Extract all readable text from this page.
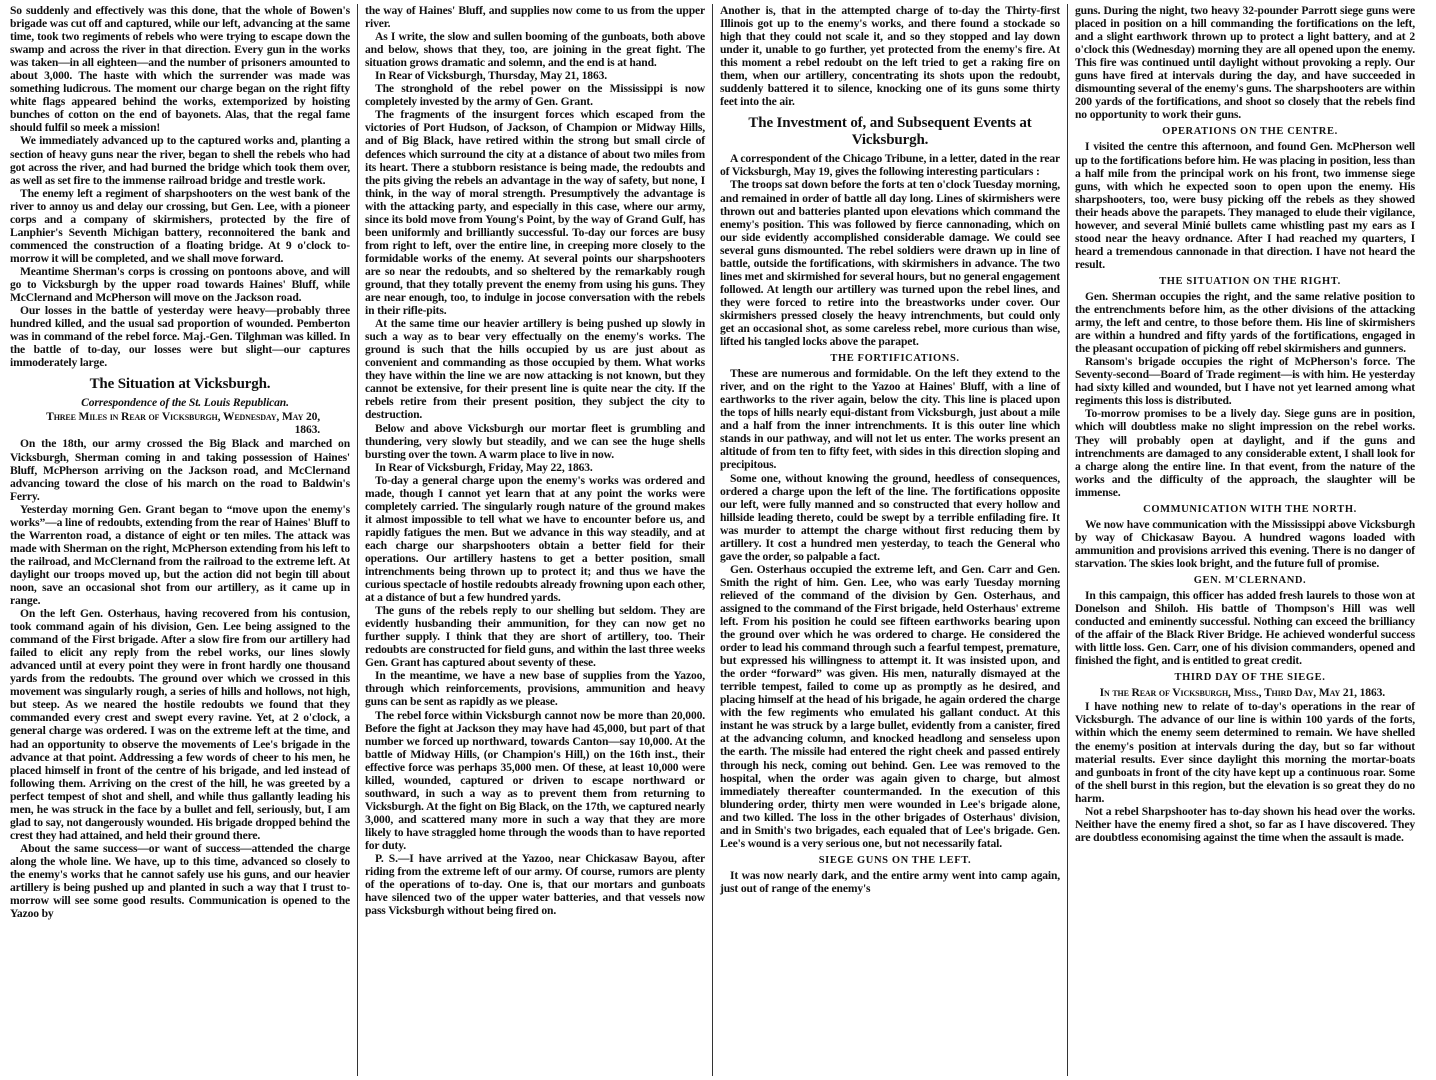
So suddenly and effectively was this done, that the whole of Bowen's brigade was cut off and captured, while our left, advancing at the same time, took two regiments of rebels who were trying to escape down the swamp and across the river in that direction. Every gun in the works was taken—in all eighteen—and the number of prisoners amounted to about 3,000. The haste with which the surrender was made was something ludicrous. The moment our charge began on the right fifty white flags appeared behind the works, extemporized by hoisting bunches of cotton on the end of bayonets. Alas, that the regal fame should fulfil so meek a mission!

We immediately advanced up to the captured works and, planting a section of heavy guns near the river, began to shell the rebels who had got across the river, and had burned the bridge which took them over, as well as set fire to the immense railroad bridge and trestle work.

The enemy left a regiment of sharpshooters on the west bank of the river to annoy us and delay our crossing, but Gen. Lee, with a pioneer corps and a company of skirmishers, protected by the fire of Lanphier's Seventh Michigan battery, reconnoitered the bank and commenced the construction of a floating bridge. At 9 o'clock to-morrow it will be completed, and we shall move forward.

Meantime Sherman's corps is crossing on pontoons above, and will go to Vicksburgh by the upper road towards Haines' Bluff, while McClernand and McPherson will move on the Jackson road.

Our losses in the battle of yesterday were heavy—probably three hundred killed, and the usual sad proportion of wounded. Pemberton was in command of the rebel force. Maj.-Gen. Tilghman was killed. In the battle of to-day, our losses were but slight—our captures immoderately large.

The Situation at Vicksburgh.

Correspondence of the St. Louis Republican.

Three Miles in Rear of Vicksburgh, Wednesday, May 20, 1863.

On the 18th, our army crossed the Big Black and marched on Vicksburgh, Sherman coming in and taking possession of Haines' Bluff, McPherson arriving on the Jackson road, and McClernand advancing toward the close of his march on the road to Baldwin's Ferry.

Yesterday morning Gen. Grant began to “move upon the enemy's works”—a line of redoubts, extending from the rear of Haines' Bluff to the Warrenton road, a distance of eight or ten miles. The attack was made with Sherman on the right, McPherson extending from his left to the railroad, and McClernand from the railroad to the extreme left. At daylight our troops moved up, but the action did not begin till about noon, save an occasional shot from our artillery, as it came up in range.

On the left Gen. Osterhaus, having recovered from his contusion, took command again of his division, Gen. Lee being assigned to the command of the First brigade. After a slow fire from our artillery had failed to elicit any reply from the rebel works, our lines slowly advanced until at every point they were in front hardly one thousand yards from the redoubts. The ground over which we crossed in this movement was singularly rough, a series of hills and hollows, not high, but steep. As we neared the hostile redoubts we found that they commanded every crest and swept every ravine. Yet, at 2 o'clock, a general charge was ordered. I was on the extreme left at the time, and had an opportunity to observe the movements of Lee's brigade in the advance at that point. Addressing a few words of cheer to his men, he placed himself in front of the centre of his brigade, and led instead of following them. Arriving on the crest of the hill, he was greeted by a perfect tempest of shot and shell, and while thus gallantly leading his men, he was struck in the face by a bullet and fell, seriously, but, I am glad to say, not dangerously wounded. His brigade dropped behind the crest they had attained, and held their ground there.

About the same success—or want of success—attended the charge along the whole line. We have, up to this time, advanced so closely to the enemy's works that he cannot safely use his guns, and our heavier artillery is being pushed up and planted in such a way that I trust to-morrow will see some good results. Communication is opened to the Yazoo by

the way of Haines' Bluff, and supplies now come to us from the upper river.

As I write, the slow and sullen booming of the gunboats, both above and below, shows that they, too, are joining in the great fight. The situation grows dramatic and solemn, and the end is at hand.

In Rear of Vicksburgh, Thursday, May 21, 1863.

The stronghold of the rebel power on the Mississippi is now completely invested by the army of Gen. Grant.

The fragments of the insurgent forces which escaped from the victories of Port Hudson, of Jackson, of Champion or Midway Hills, and of Big Black, have retired within the strong but small circle of defences which surround the city at a distance of about two miles from its heart. There a stubborn resistance is being made, the redoubts and the pits giving the rebels an advantage in the way of safety, but none, I think, in the way of moral strength. Presumptively the advantage is with the attacking party, and especially in this case, where our army, since its bold move from Young's Point, by the way of Grand Gulf, has been uniformly and brilliantly successful. To-day our forces are busy from right to left, over the entire line, in creeping more closely to the formidable works of the enemy. At several points our sharpshooters are so near the redoubts, and so sheltered by the remarkably rough ground, that they totally prevent the enemy from using his guns. They are near enough, too, to indulge in jocose conversation with the rebels in their rifle-pits.

At the same time our heavier artillery is being pushed up slowly in such a way as to bear very effectually on the enemy's works. The ground is such that the hills occupied by us are just about as convenient and commanding as those occupied by them. What works they have within the line we are now attacking is not known, but they cannot be extensive, for their present line is quite near the city. If the rebels retire from their present position, they subject the city to destruction.

Below and above Vicksburgh our mortar fleet is grumbling and thundering, very slowly but steadily, and we can see the huge shells bursting over the town. A warm place to live in now.

In Rear of Vicksburgh, Friday, May 22, 1863.

To-day a general charge upon the enemy's works was ordered and made, though I cannot yet learn that at any point the works were completely carried. The singularly rough nature of the ground makes it almost impossible to tell what we have to encounter before us, and rapidly fatigues the men. But we advance in this way steadily, and at each charge our sharpshooters obtain a better field for their operations. Our artillery hastens to get a better position, small intrenchments being thrown up to protect it; and thus we have the curious spectacle of hostile redoubts already frowning upon each other, at a distance of but a few hundred yards.

The guns of the rebels reply to our shelling but seldom. They are evidently husbanding their ammunition, for they can now get no further supply. I think that they are short of artillery, too. Their redoubts are constructed for field guns, and within the last three weeks Gen. Grant has captured about seventy of these.

In the meantime, we have a new base of supplies from the Yazoo, through which reinforcements, provisions, ammunition and heavy guns can be sent as rapidly as we please.

The rebel force within Vicksburgh cannot now be more than 20,000. Before the fight at Jackson they may have had 45,000, but part of that number we forced up northward, towards Canton—say 10,000. At the battle of Midway Hills, (or Champion's Hill,) on the 16th inst., their effective force was perhaps 35,000 men. Of these, at least 10,000 were killed, wounded, captured or driven to escape northward or southward, in such a way as to prevent them from returning to Vicksburgh. At the fight on Big Black, on the 17th, we captured nearly 3,000, and scattered many more in such a way that they are more likely to have straggled home through the woods than to have reported for duty.

P. S.—I have arrived at the Yazoo, near Chickasaw Bayou, after riding from the extreme left of our army. Of course, rumors are plenty of the operations of to-day. One is, that our mortars and gunboats have silenced two of the upper water batteries, and that vessels now pass Vicksburgh without being fired on.

Another is, that in the attempted charge of to-day the Thirty-first Illinois got up to the enemy's works, and there found a stockade so high that they could not scale it, and so they stopped and lay down under it, unable to go further, yet protected from the enemy's fire. At this moment a rebel redoubt on the left tried to get a raking fire on them, when our artillery, concentrating its shots upon the redoubt, suddenly battered it to silence, knocking one of its guns some thirty feet into the air.

The Investment of, and Subsequent Events at Vicksburgh.

A correspondent of the Chicago Tribune, in a letter, dated in the rear of Vicksburgh, May 19, gives the following interesting particulars :

The troops sat down before the forts at ten o'clock Tuesday morning, and remained in order of battle all day long. Lines of skirmishers were thrown out and batteries planted upon elevations which command the enemy's position. This was followed by fierce cannonading, which on our side evidently accomplished considerable damage. We could see several guns dismounted. The rebel soldiers were drawn up in line of battle, outside the fortifications, with skirmishers in advance. The two lines met and skirmished for several hours, but no general engagement followed. At length our artillery was turned upon the rebel lines, and they were forced to retire into the breastworks under cover. Our skirmishers pressed closely the heavy intrenchments, but could only get an occasional shot, as some careless rebel, more curious than wise, lifted his tangled locks above the parapet.

THE FORTIFICATIONS.

These are numerous and formidable. On the left they extend to the river, and on the right to the Yazoo at Haines' Bluff, with a line of earthworks to the river again, below the city. This line is placed upon the tops of hills nearly equi-distant from Vicksburgh, just about a mile and a half from the inner intrenchments. It is this outer line which stands in our pathway, and will not let us enter. The works present an altitude of from ten to fifty feet, with sides in this direction sloping and precipitous.

Some one, without knowing the ground, heedless of consequences, ordered a charge upon the left of the line. The fortifications opposite our left, were fully manned and so constructed that every hollow and hillside leading thereto, could be swept by a terrible enfilading fire. It was murder to attempt the charge without first reducing them by artillery. It cost a hundred men yesterday, to teach the General who gave the order, so palpable a fact.

Gen. Osterhaus occupied the extreme left, and Gen. Carr and Gen. Smith the right of him. Gen. Lee, who was early Tuesday morning relieved of the command of the division by Gen. Osterhaus, and assigned to the command of the First brigade, held Osterhaus' extreme left. From his position he could see fifteen earthworks bearing upon the ground over which he was ordered to charge. He considered the order to lead his command through such a fearful tempest, premature, but expressed his willingness to attempt it. It was insisted upon, and the order “forward” was given. His men, naturally dismayed at the terrible tempest, failed to come up as promptly as he desired, and placing himself at the head of his brigade, he again ordered the charge with the few regiments who emulated his gallant conduct. At this instant he was struck by a large bullet, evidently from a canister, fired at the advancing column, and knocked headlong and senseless upon the earth. The missile had entered the right cheek and passed entirely through his neck, coming out behind. Gen. Lee was removed to the hospital, when the order was again given to charge, but almost immediately thereafter countermanded. In the execution of this blundering order, thirty men were wounded in Lee's brigade alone, and two killed. The loss in the other brigades of Osterhaus' division, and in Smith's two brigades, each equaled that of Lee's brigade. Gen. Lee's wound is a very serious one, but not necessarily fatal.

SIEGE GUNS ON THE LEFT.

It was now nearly dark, and the entire army went into camp again, just out of range of the enemy's

guns. During the night, two heavy 32-pounder Parrott siege guns were placed in position on a hill commanding the fortifications on the left, and a slight earthwork thrown up to protect a light battery, and at 2 o'clock this (Wednesday) morning they are all opened upon the enemy. This fire was continued until daylight without provoking a reply. Our guns have fired at intervals during the day, and have succeeded in dismounting several of the enemy's guns. The sharpshooters are within 200 yards of the fortifications, and shoot so closely that the rebels find no opportunity to work their guns.

OPERATIONS ON THE CENTRE.

I visited the centre this afternoon, and found Gen. McPherson well up to the fortifications before him. He was placing in position, less than a half mile from the principal work on his front, two immense siege guns, with which he expected soon to open upon the enemy. His sharpshooters, too, were busy picking off the rebels as they showed their heads above the parapets. They managed to elude their vigilance, however, and several Minié bullets came whistling past my ears as I stood near the heavy ordnance. After I had reached my quarters, I heard a tremendous cannonade in that direction. I have not heard the result.

THE SITUATION ON THE RIGHT.

Gen. Sherman occupies the right, and the same relative position to the entrenchments before him, as the other divisions of the attacking army, the left and centre, to those before them. His line of skirmishers are within a hundred and fifty yards of the fortifications, engaged in the pleasant occupation of picking off rebel skirmishers and gunners.

Ransom's brigade occupies the right of McPherson's force. The Seventy-second—Board of Trade regiment—is with him. He yesterday had sixty killed and wounded, but I have not yet learned among what regiments this loss is distributed.

To-morrow promises to be a lively day. Siege guns are in position, which will doubtless make no slight impression on the rebel works. They will probably open at daylight, and if the guns and intrenchments are damaged to any considerable extent, I shall look for a charge along the entire line. In that event, from the nature of the works and the difficulty of the approach, the slaughter will be immense.

COMMUNICATION WITH THE NORTH.

We now have communication with the Mississippi above Vicksburgh by way of Chickasaw Bayou. A hundred wagons loaded with ammunition and provisions arrived this evening. There is no danger of starvation. The skies look bright, and the future full of promise.

GEN. M'CLERNAND.

In this campaign, this officer has added fresh laurels to those won at Donelson and Shiloh. His battle of Thompson's Hill was well conducted and eminently successful. Nothing can exceed the brilliancy of the affair of the Black River Bridge. He achieved wonderful success with little loss. Gen. Carr, one of his division commanders, opened and finished the fight, and is entitled to great credit.

THIRD DAY OF THE SIEGE.

In the Rear of Vicksburgh, Miss., Third Day, May 21, 1863.

I have nothing new to relate of to-day's operations in the rear of Vicksburgh. The advance of our line is within 100 yards of the forts, within which the enemy seem determined to remain. We have shelled the enemy's position at intervals during the day, but so far without material results. Ever since daylight this morning the mortar-boats and gunboats in front of the city have kept up a continuous roar. Some of the shell burst in this region, but the elevation is so great they do no harm.

Not a rebel Sharpshooter has to-day shown his head over the works. Neither have the enemy fired a shot, so far as I have discovered. They are doubtless economising against the time when the assault is made.
